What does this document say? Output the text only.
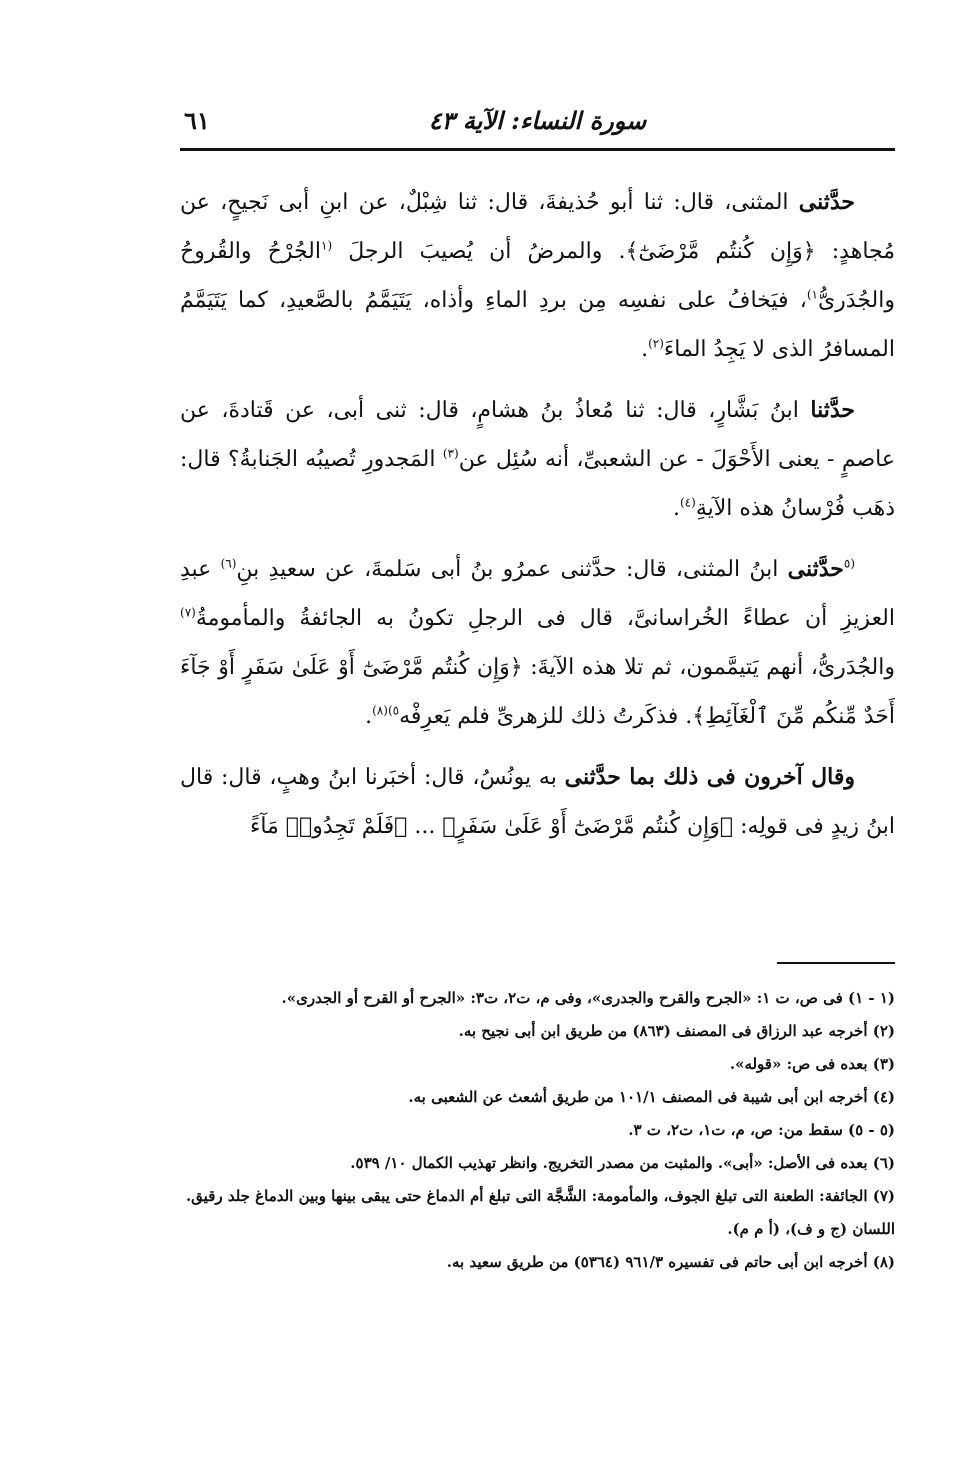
٦١	سورة النساء: الآية ٤٣

حدَّثنى المثنى، قال: ثنا أبو حُذيفةَ، قال: ثنا شِبْلٌ، عن ابنِ أبى نَجيحٍ، عن مُجاهدٍ: ﴿وَإِن كُنتُم مَّرْضَىٰٓ﴾. والمرضُ أن يُصيبَ الرجلَ $^{(١}$الجُرْحُ والقُروحُ والجُدَرىُّ$^{١)}$، فيَخافُ على نفسِه مِن بردِ الماءِ وأذاه، يَتَيَمَّمُ بالصَّعيدِ، كما يَتَيَمَّمُ المسافرُ الذى لا يَجِدُ الماءَ$^{(٢)}$.

حدَّثنا ابنُ بَشَّارٍ، قال: ثنا مُعاذُ بنُ هشامٍ، قال: ثنى أبى، عن قَتادةَ، عن عاصمٍ - يعنى الأَحْوَلَ - عن الشعبىِّ، أنه سُئِل عن$^{(٣)}$ المَجدورِ تُصيبُه الجَنابةُ؟ قال: ذهَب فُرْسانُ هذه الآيةِ$^{(٤)}$.

$^{(٥}$حدَّثنى ابنُ المثنى، قال: حدَّثنى عمرُو بنُ أبى سَلمةَ، عن سعيدِ بنِ$^{(٦)}$ عبدِ العزيزِ أن عطاءً الخُراسانىَّ، قال فى الرجلِ تكونُ به الجائفةُ والمأمومةُ$^{(٧)}$ والجُدَرىُّ، أنهم يَتيمَّمون، ثم تلا هذه الآيةَ: ﴿وَإِن كُنتُم مَّرْضَىٰٓ أَوْ عَلَىٰ سَفَرٍ أَوْ جَآءَ أَحَدٌ مِّنكُم مِّنَ ٱلْغَآئِطِ﴾. فذكَرتُ ذلك للزهرىِّ فلم يَعرِفْه$^{٥)(٨)}$.

وقال آخرون فى ذلك بما حدَّثنى به يونُسُ، قال: أخبَرنا ابنُ وهبٍ، قال: قال ابنُ زيدٍ فى قولِه: ﴿وَإِن كُنتُم مَّرْضَىٰٓ أَوْ عَلَىٰ سَفَرٍ﴾ ... ﴿فَلَمْ تَجِدُوا۟ مَآءً

(١ - ١) فى ص، ت ١: «الجرح والقرح والجدرى»، وفى م، ت٢، ت٣: «الجرح أو القرح أو الجدرى».

(٢) أخرجه عبد الرزاق فى المصنف (٨٦٣) من طريق ابن أبى نجيح به.

(٣) بعده فى ص: «قوله».

(٤) أخرجه ابن أبى شيبة فى المصنف ١٠١/١ من طريق أشعث عن الشعبى به.

(٥ - ٥) سقط من: ص، م، ت١، ت٢، ت ٣.

(٦) بعده فى الأصل: «أبى». والمثبت من مصدر التخريج. وانظر تهذيب الكمال ١٠/ ٥٣٩.

(٧) الجائفة: الطعنة التى تبلغ الجوف، والمأمومة: الشَّجَّة التى تبلغ أم الدماغ حتى يبقى بينها وبين الدماغ جلد رقيق. اللسان (ج و ف)، (أ م م).

(٨) أخرجه ابن أبى حاتم فى تفسيره ٩٦١/٣ (٥٣٦٤) من طريق سعيد به.
